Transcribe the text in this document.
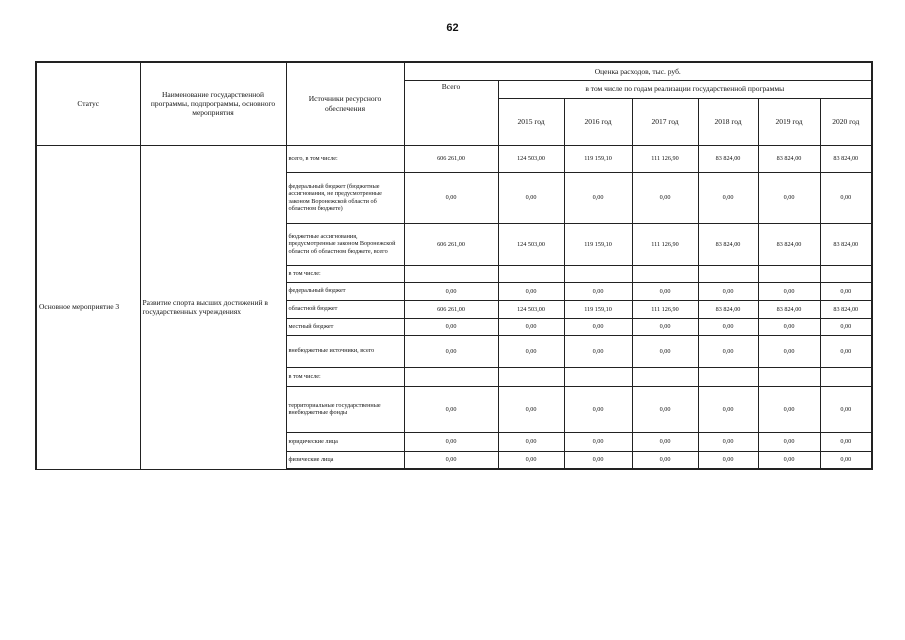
62
Статус	Наименование государственной программы, подпрограммы, основного мероприятия	Источники ресурсного обеспечения	Оценка расходов, тыс. руб.						
			Всего	в том числе по годам реализации государственной программы					
				2015 год	2016 год	2017 год	2018 год	2019 год	2020 год
Основное мероприятие 3	Развитие спорта высших достижений в государственных учреждениях	всего, в том числе:	606 261,00	124 503,00	119 159,10	111 126,90	83 824,00	83 824,00	83 824,00
		федеральный бюджет (бюджетные ассигнования, не предусмотренные законом Воронежской области об областном бюджете)	0,00	0,00	0,00	0,00	0,00	0,00	0,00
		бюджетные ассигнования, предусмотренные законом Воронежской области об областном бюджете, всего	606 261,00	124 503,00	119 159,10	111 126,90	83 824,00	83 824,00	83 824,00
		в том числе:							
		федеральный бюджет	0,00	0,00	0,00	0,00	0,00	0,00	0,00
		областной бюджет	606 261,00	124 503,00	119 159,10	111 126,90	83 824,00	83 824,00	83 824,00
		местный бюджет	0,00	0,00	0,00	0,00	0,00	0,00	0,00
		внебюджетные источники, всего	0,00	0,00	0,00	0,00	0,00	0,00	0,00
		в том числе:							
		территориальные государственные внебюджетные фонды	0,00	0,00	0,00	0,00	0,00	0,00	0,00
		юридические лица	0,00	0,00	0,00	0,00	0,00	0,00	0,00
		физические лица	0,00	0,00	0,00	0,00	0,00	0,00	0,00
